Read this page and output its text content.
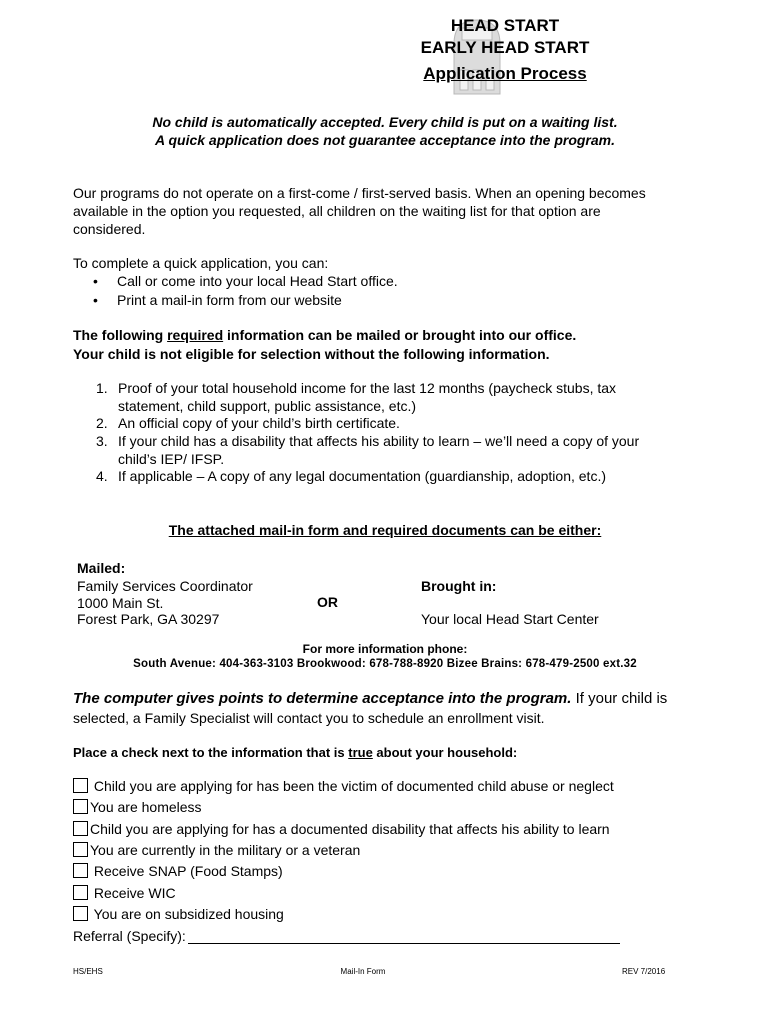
HEAD START
EARLY HEAD START
Application Process
No child is automatically accepted. Every child is put on a waiting list.
A quick application does not guarantee acceptance into the program.
Our programs do not operate on a first-come / first-served basis. When an opening becomes
available in the option you requested, all children on the waiting list for that option are
considered.
To complete a quick application, you can:
• Call or come into your local Head Start office.
• Print a mail-in form from our website
The following required information can be mailed or brought into our office.
Your child is not eligible for selection without the following information.
1. Proof of your total household income for the last 12 months (paycheck stubs, tax
statement, child support, public assistance, etc.)
2. An official copy of your child’s birth certificate.
3. If your child has a disability that affects his ability to learn – we’ll need a copy of your
child’s IEP/ IFSP.
4. If applicable – A copy of any legal documentation (guardianship, adoption, etc.)
The attached mail-in form and required documents can be either:
Mailed:
Family Services Coordinator
1000 Main St.
Forest Park, GA 30297
OR
Brought in:
Your local Head Start Center
For more information phone:
South Avenue: 404-363-3103 Brookwood: 678-788-8920 Bizee Brains: 678-479-2500 ext.32
The computer gives points to determine acceptance into the program. If your child is
selected, a Family Specialist will contact you to schedule an enrollment visit.
Place a check next to the information that is true about your household:
Child you are applying for has been the victim of documented child abuse or neglect
You are homeless
Child you are applying for has a documented disability that affects his ability to learn
You are currently in the military or a veteran
Receive SNAP (Food Stamps)
Receive WIC
You are on subsidized housing
Referral (Specify):
HS/EHS	Mail-In Form	REV 7/2016
